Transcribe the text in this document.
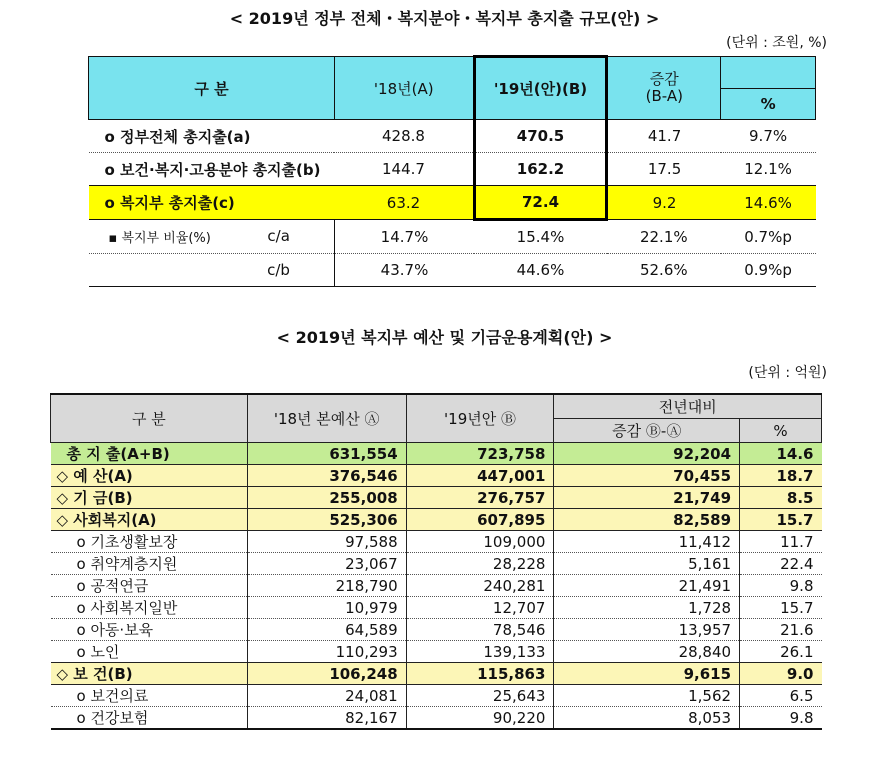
< 2019년 정부 전체・복지분야・복지부 총지출 규모(안) >
(단위 : 조원, %)
구 분	'18년(A)	'19년(안)(B)	증감
(B-A)	
				%
o 정부전체 총지출(a)	428.8	470.5	41.7	9.7%
o 보건·복지·고용분야 총지출(b)	144.7	162.2	17.5	12.1%
o 복지부 총지출(c)	63.2	72.4	9.2	14.6%
▪ 복지부 비율(%) c/a	14.7%	15.4%	22.1%	0.7%p
c/b	43.7%	44.6%	52.6%	0.9%p
< 2019년 복지부 예산 및 기금운용계획(안) >
(단위 : 억원)
구 분	'18년 본예산 Ⓐ	'19년안 Ⓑ	전년대비	
			증감 Ⓑ-Ⓐ	%
총 지 출(A+B)	631,554	723,758	92,204	14.6
◇ 예 산(A)	376,546	447,001	70,455	18.7
◇ 기 금(B)	255,008	276,757	21,749	8.5
◇ 사회복지(A)	525,306	607,895	82,589	15.7
o 기초생활보장	97,588	109,000	11,412	11.7
o 취약계층지원	23,067	28,228	5,161	22.4
o 공적연금	218,790	240,281	21,491	9.8
o 사회복지일반	10,979	12,707	1,728	15.7
o 아동·보육	64,589	78,546	13,957	21.6
o 노인	110,293	139,133	28,840	26.1
◇ 보 건(B)	106,248	115,863	9,615	9.0
o 보건의료	24,081	25,643	1,562	6.5
o 건강보험	82,167	90,220	8,053	9.8
